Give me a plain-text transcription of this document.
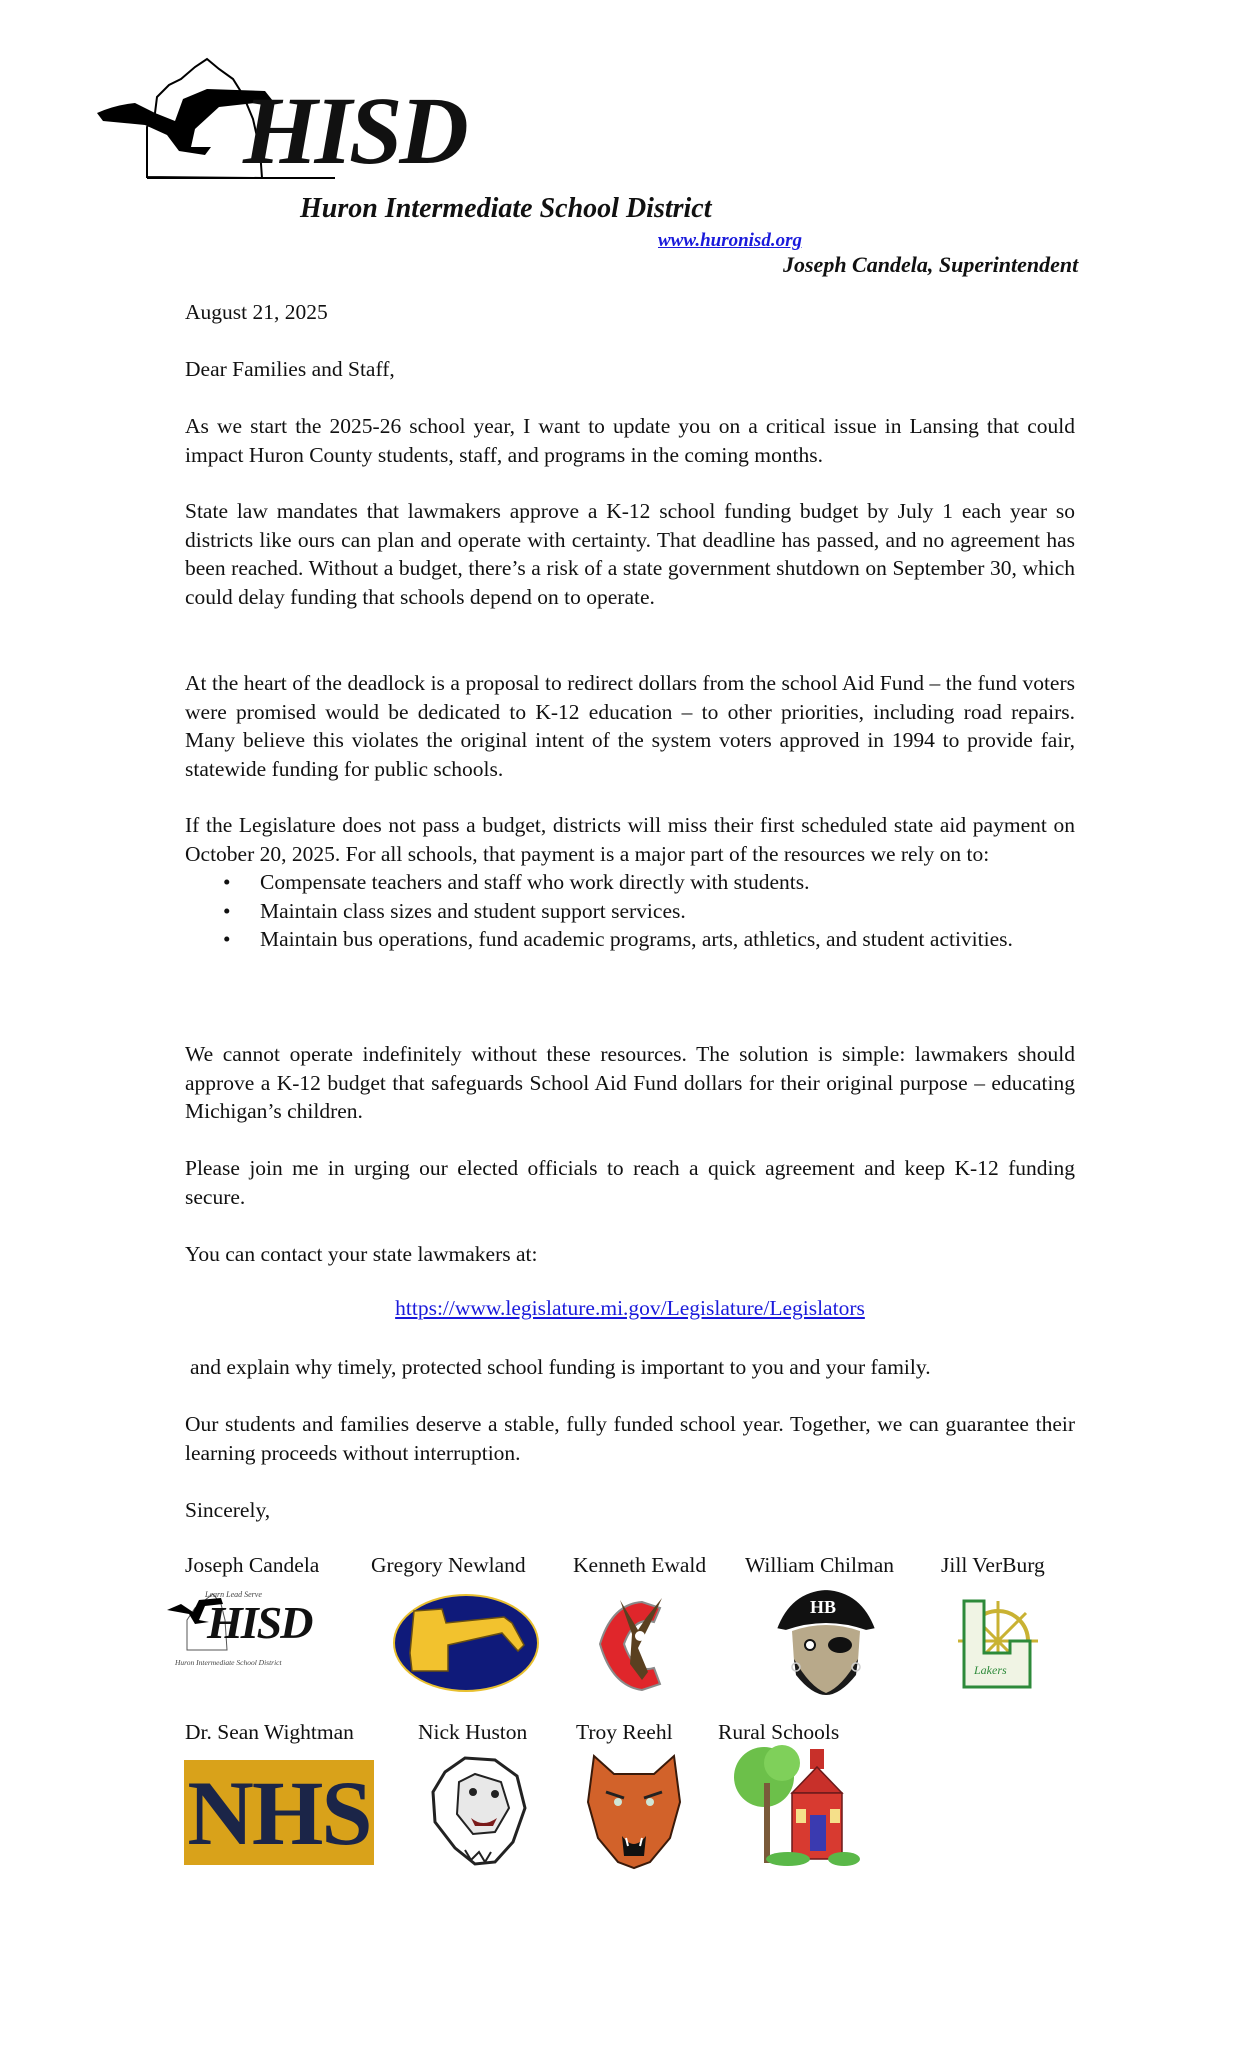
HISD
Huron Intermediate School District
www.huronisd.org
Joseph Candela, Superintendent
August 21, 2025
Dear Families and Staff,

As we start the 2025-26 school year, I want to update you on a critical issue in Lansing that could impact Huron County students, staff, and programs in the coming months.

State law mandates that lawmakers approve a K-12 school funding budget by July 1 each year so districts like ours can plan and operate with certainty. That deadline has passed, and no agreement has been reached. Without a budget, there’s a risk of a state government shutdown on September 30, which could delay funding that schools depend on to operate.

At the heart of the deadlock is a proposal to redirect dollars from the school Aid Fund – the fund voters were promised would be dedicated to K-12 education – to other priorities, including road repairs. Many believe this violates the original intent of the system voters approved in 1994 to provide fair, statewide funding for public schools.

If the Legislature does not pass a budget, districts will miss their first scheduled state aid payment on October 20, 2025. For all schools, that payment is a major part of the resources we rely on to:

• Compensate teachers and staff who work directly with students.
• Maintain class sizes and student support services.
• Maintain bus operations, fund academic programs, arts, athletics, and student activities.

We cannot operate indefinitely without these resources. The solution is simple: lawmakers should approve a K-12 budget that safeguards School Aid Fund dollars for their original purpose – educating Michigan’s children.

Please join me in urging our elected officials to reach a quick agreement and keep K-12 funding secure.

You can contact your state lawmakers at:

https://www.legislature.mi.gov/Legislature/Legislators

and explain why timely, protected school funding is important to you and your family.

Our students and families deserve a stable, fully funded school year. Together, we can guarantee their learning proceeds without interruption.

Sincerely,
Joseph Candela Gregory Newland Kenneth Ewald William Chilman Jill VerBurg
Learn Lead Serve
HISD
Huron Intermediate School District
HB
Lakers
Dr. Sean Wightman	Nick Huston Troy Reehl Rural Schools
NHS
